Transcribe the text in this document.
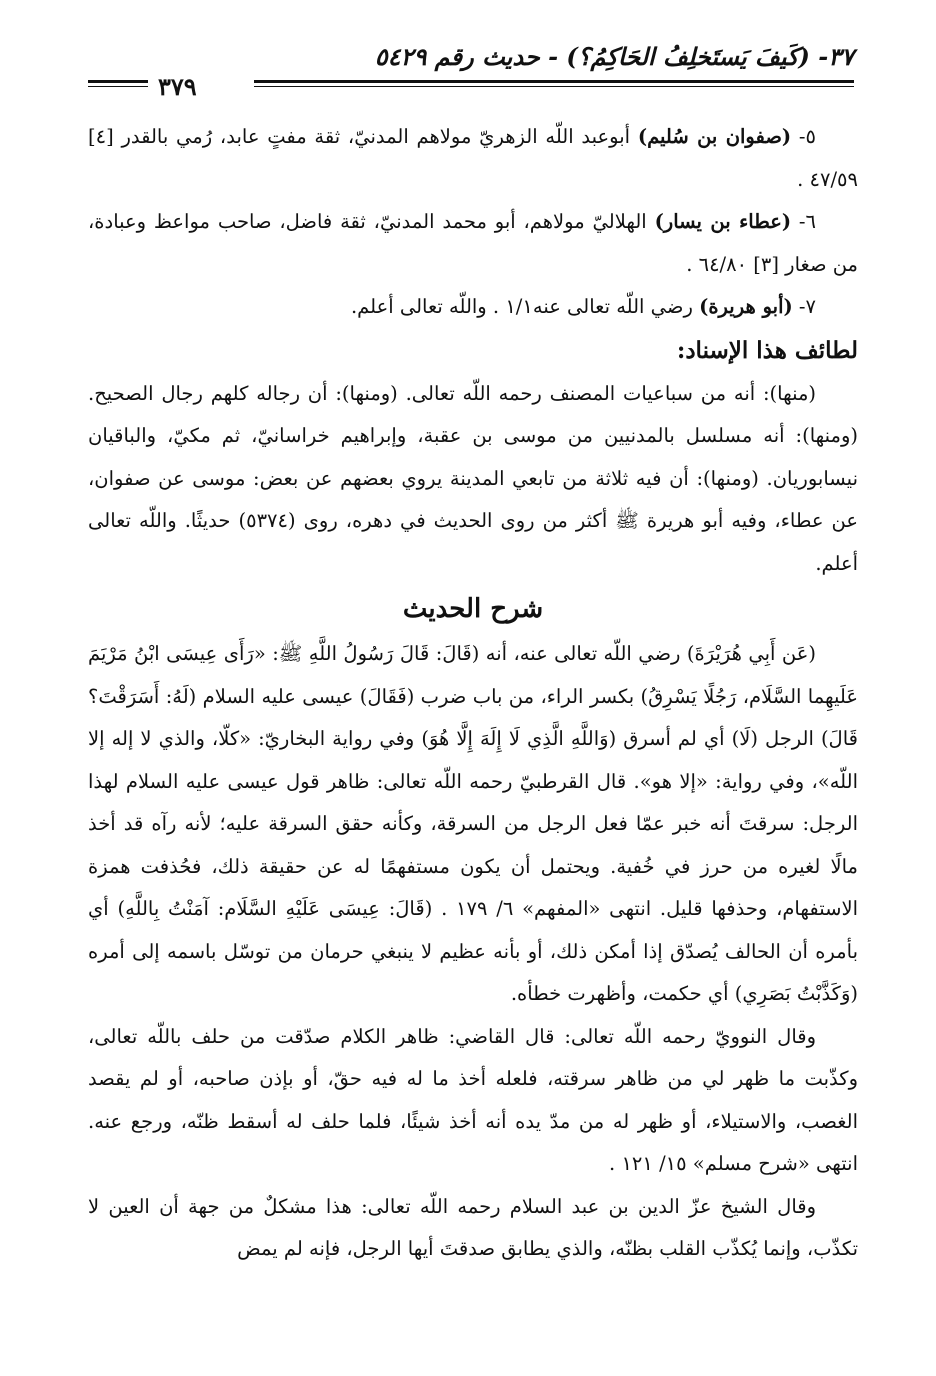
٣٧- (كَيفَ يَستَخلِفُ الحَاكِمُ؟) - حديث رقم ٥٤٢٩
٣٧٩

٥- (صفوان بن سُليم) أبوعبد اللّه الزهريّ مولاهم المدنيّ، ثقة مفتٍ عابد، رُمي بالقدر [٤] ٤٧/٥٩ .

٦- (عطاء بن يسار) الهلاليّ مولاهم، أبو محمد المدنيّ، ثقة فاضل، صاحب مواعظ وعبادة، من صغار [٣] ٦٤/٨٠ .

٧- (أبو هريرة) رضي اللّه تعالى عنه١/١ . واللّه تعالى أعلم.

لطائف هذا الإسناد:

(منها): أنه من سباعيات المصنف رحمه اللّه تعالى. (ومنها): أن رجاله كلهم رجال الصحيح. (ومنها): أنه مسلسل بالمدنيين من موسى بن عقبة، وإبراهيم خراسانيّ، ثم مكيّ، والباقيان نيسابوريان. (ومنها): أن فيه ثلاثة من تابعي المدينة يروي بعضهم عن بعض: موسى عن صفوان، عن عطاء، وفيه أبو هريرة ﷺ أكثر من روى الحديث في دهره، روى (٥٣٧٤) حديثًا. واللّه تعالى أعلم.

شرح الحديث

(عَن أَبِي هُرَيْرَةَ) رضي اللّه تعالى عنه، أنه (قَالَ: قَالَ رَسُولُ اللَّهِ ﷺ: «رَأَى عِيسَى ابْنُ مَرْيَمَ عَلَيهِما السَّلَام، رَجُلًا يَسْرِقُ) بكسر الراء، من باب ضرب (فَقَالَ) عيسى عليه السلام (لَهُ: أَسَرَقْتَ؟ قَالَ) الرجل (لَا) أي لم أسرق (وَاللَّهِ الَّذِي لَا إِلَهَ إِلَّا هُوَ) وفي رواية البخاريّ: «كلّا، والذي لا إله إلا اللّه»، وفي رواية: «إلا هو». قال القرطبيّ رحمه اللّه تعالى: ظاهر قول عيسى عليه السلام لهذا الرجل: سرقتَ أنه خبر عمّا فعل الرجل من السرقة، وكأنه حقق السرقة عليه؛ لأنه رآه قد أخذ مالًا لغيره من حرز في خُفية. ويحتمل أن يكون مستفهمًا له عن حقيقة ذلك، فحُذفت همزة الاستفهام، وحذفها قليل. انتهى «المفهم» ٦/ ١٧٩ . (قَالَ: عِيسَى عَلَيْهِ السَّلَام: آمَنْتُ بِاللَّهِ) أي بأمره أن الحالف يُصدّق إذا أمكن ذلك، أو بأنه عظيم لا ينبغي حرمان من توسّل باسمه إلى أمره (وَكَذَّبْتُ بَصَرِي) أي حكمت، وأظهرت خطأه.

وقال النوويّ رحمه اللّه تعالى: قال القاضي: ظاهر الكلام صدّقت من حلف باللّه تعالى، وكذّبت ما ظهر لي من ظاهر سرقته، فلعله أخذ ما له فيه حقّ، أو بإذن صاحبه، أو لم يقصد الغصب، والاستيلاء، أو ظهر له من مدّ يده أنه أخذ شيئًا، فلما حلف له أسقط ظنّه، ورجع عنه. انتهى «شرح مسلم» ١٥/ ١٢١ .

وقال الشيخ عزّ الدين بن عبد السلام رحمه اللّه تعالى: هذا مشكلٌ من جهة أن العين لا تكذّب، وإنما يُكذّب القلب بظنّه، والذي يطابق صدقتَ أيها الرجل، فإنه لم يمض
